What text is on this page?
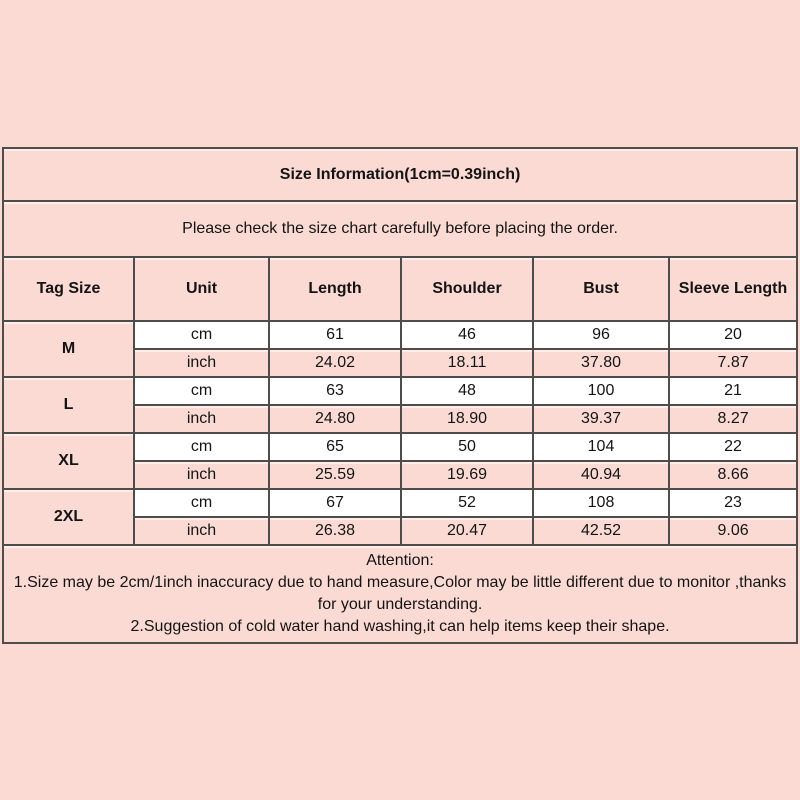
Size Information(1cm=0.39inch)					
Please check the size chart carefully before placing the order.					
Tag Size	Unit	Length	Shoulder	Bust	Sleeve Length
M	cm	61	46	96	20
	inch	24.02	18.11	37.80	7.87
L	cm	63	48	100	21
	inch	24.80	18.90	39.37	8.27
XL	cm	65	50	104	22
	inch	25.59	19.69	40.94	8.66
2XL	cm	67	52	108	23
	inch	26.38	20.47	42.52	9.06

Attention:
1.Size may be 2cm/1inch inaccuracy due to hand measure,Color may be little different due to monitor ,thanks for your understanding.
2.Suggestion of cold water hand washing,it can help items keep their shape.					
